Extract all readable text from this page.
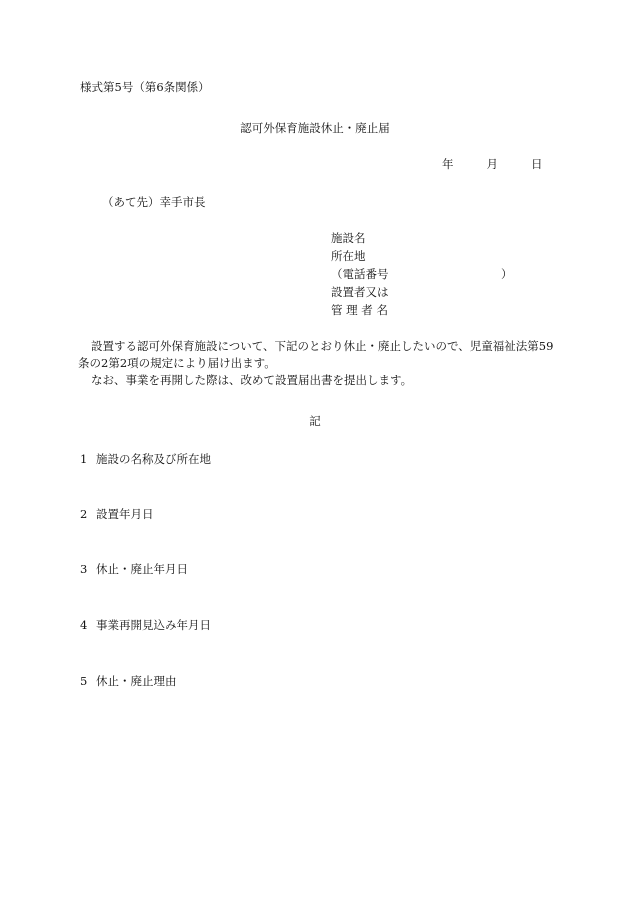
様式第5号（第6条関係）
認可外保育施設休止・廃止届
年	月	日
（あて先）幸手市長
施設名
所在地
（電話番号	）
設置者又は
管 理 者 名

設置する認可外保育施設について、下記のとおり休止・廃止したいので、児童福祉法第59条の2第2項の規定により届け出ます。

なお、事業を再開した際は、改めて設置届出書を提出します。

記
1 施設の名称及び所在地
2 設置年月日
3 休止・廃止年月日
4 事業再開見込み年月日
5 休止・廃止理由
